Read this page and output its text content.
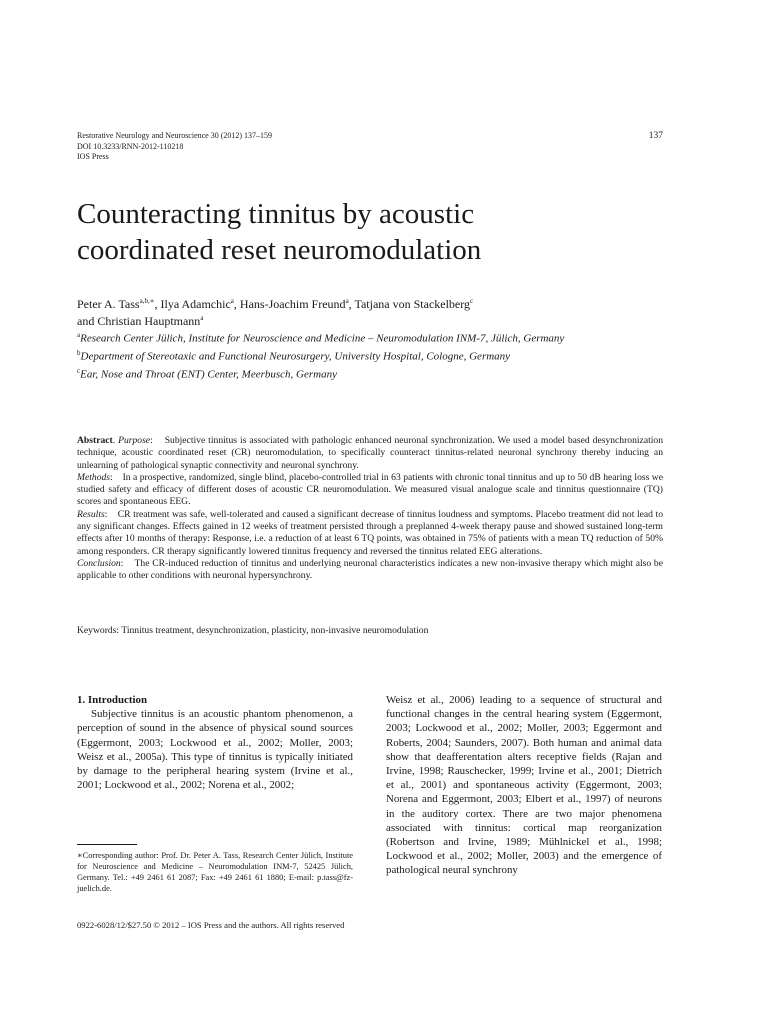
Restorative Neurology and Neuroscience 30 (2012) 137–159
DOI 10.3233/RNN-2012-110218
IOS Press
137
Counteracting tinnitus by acoustic
coordinated reset neuromodulation
Peter A. Tass$^{a,b,∗}$, Ilya Adamchic$^a$, Hans-Joachim Freund$^a$, Tatjana von Stackelberg$^c$
and Christian Hauptmann$^a$
$^a$Research Center Jülich, Institute for Neuroscience and Medicine – Neuromodulation INM-7, Jülich, Germany
$^b$Department of Stereotaxic and Functional Neurosurgery, University Hospital, Cologne, Germany
$^c$Ear, Nose and Throat (ENT) Center, Meerbusch, Germany

Abstract. Purpose:    Subjective tinnitus is associated with pathologic enhanced neuronal synchronization. We used a model based desynchronization technique, acoustic coordinated reset (CR) neuromodulation, to specifically counteract tinnitus-related neuronal synchrony thereby inducing an unlearning of pathological synaptic connectivity and neuronal synchrony.

Methods:    In a prospective, randomized, single blind, placebo-controlled trial in 63 patients with chronic tonal tinnitus and up to 50 dB hearing loss we studied safety and efficacy of different doses of acoustic CR neuromodulation. We measured visual analogue scale and tinnitus questionnaire (TQ) scores and spontaneous EEG.

Results:    CR treatment was safe, well-tolerated and caused a significant decrease of tinnitus loudness and symptoms. Placebo treatment did not lead to any significant changes. Effects gained in 12 weeks of treatment persisted through a preplanned 4-week therapy pause and showed sustained long-term effects after 10 months of therapy: Response, i.e. a reduction of at least 6 TQ points, was obtained in 75% of patients with a mean TQ reduction of 50% among responders. CR therapy significantly lowered tinnitus frequency and reversed the tinnitus related EEG alterations.

Conclusion:    The CR-induced reduction of tinnitus and underlying neuronal characteristics indicates a new non-invasive therapy which might also be applicable to other conditions with neuronal hypersynchrony.

Keywords: Tinnitus treatment, desynchronization, plasticity, non-invasive neuromodulation

1. Introduction

Subjective tinnitus is an acoustic phantom phenomenon, a perception of sound in the absence of physical sound sources (Eggermont, 2003; Lockwood et al., 2002; Moller, 2003; Weisz et al., 2005a). This type of tinnitus is typically initiated by damage to the peripheral hearing system (Irvine et al., 2001; Lockwood et al., 2002; Norena et al., 2002;

∗Corresponding author: Prof. Dr. Peter A. Tass, Research Center Jülich, Institute for Neuroscience and Medicine – Neuromodulation INM-7, 52425 Jülich, Germany. Tel.: +49 2461 61 2087; Fax: +49 2461 61 1880; E-mail: p.tass@fz-juelich.de.

Weisz et al., 2006) leading to a sequence of structural and functional changes in the central hearing system (Eggermont, 2003; Lockwood et al., 2002; Moller, 2003; Eggermont and Roberts, 2004; Saunders, 2007). Both human and animal data show that deafferentation alters receptive fields (Rajan and Irvine, 1998; Rauschecker, 1999; Irvine et al., 2001; Dietrich et al., 2001) and spontaneous activity (Eggermont, 2003; Norena and Eggermont, 2003; Elbert et al., 1997) of neurons in the auditory cortex. There are two major phenomena associated with tinnitus: cortical map reorganization (Robertson and Irvine, 1989; Mühlnickel et al., 1998; Lockwood et al., 2002; Moller, 2003) and the emergence of pathological neural synchrony

0922-6028/12/$27.50 © 2012 – IOS Press and the authors. All rights reserved
